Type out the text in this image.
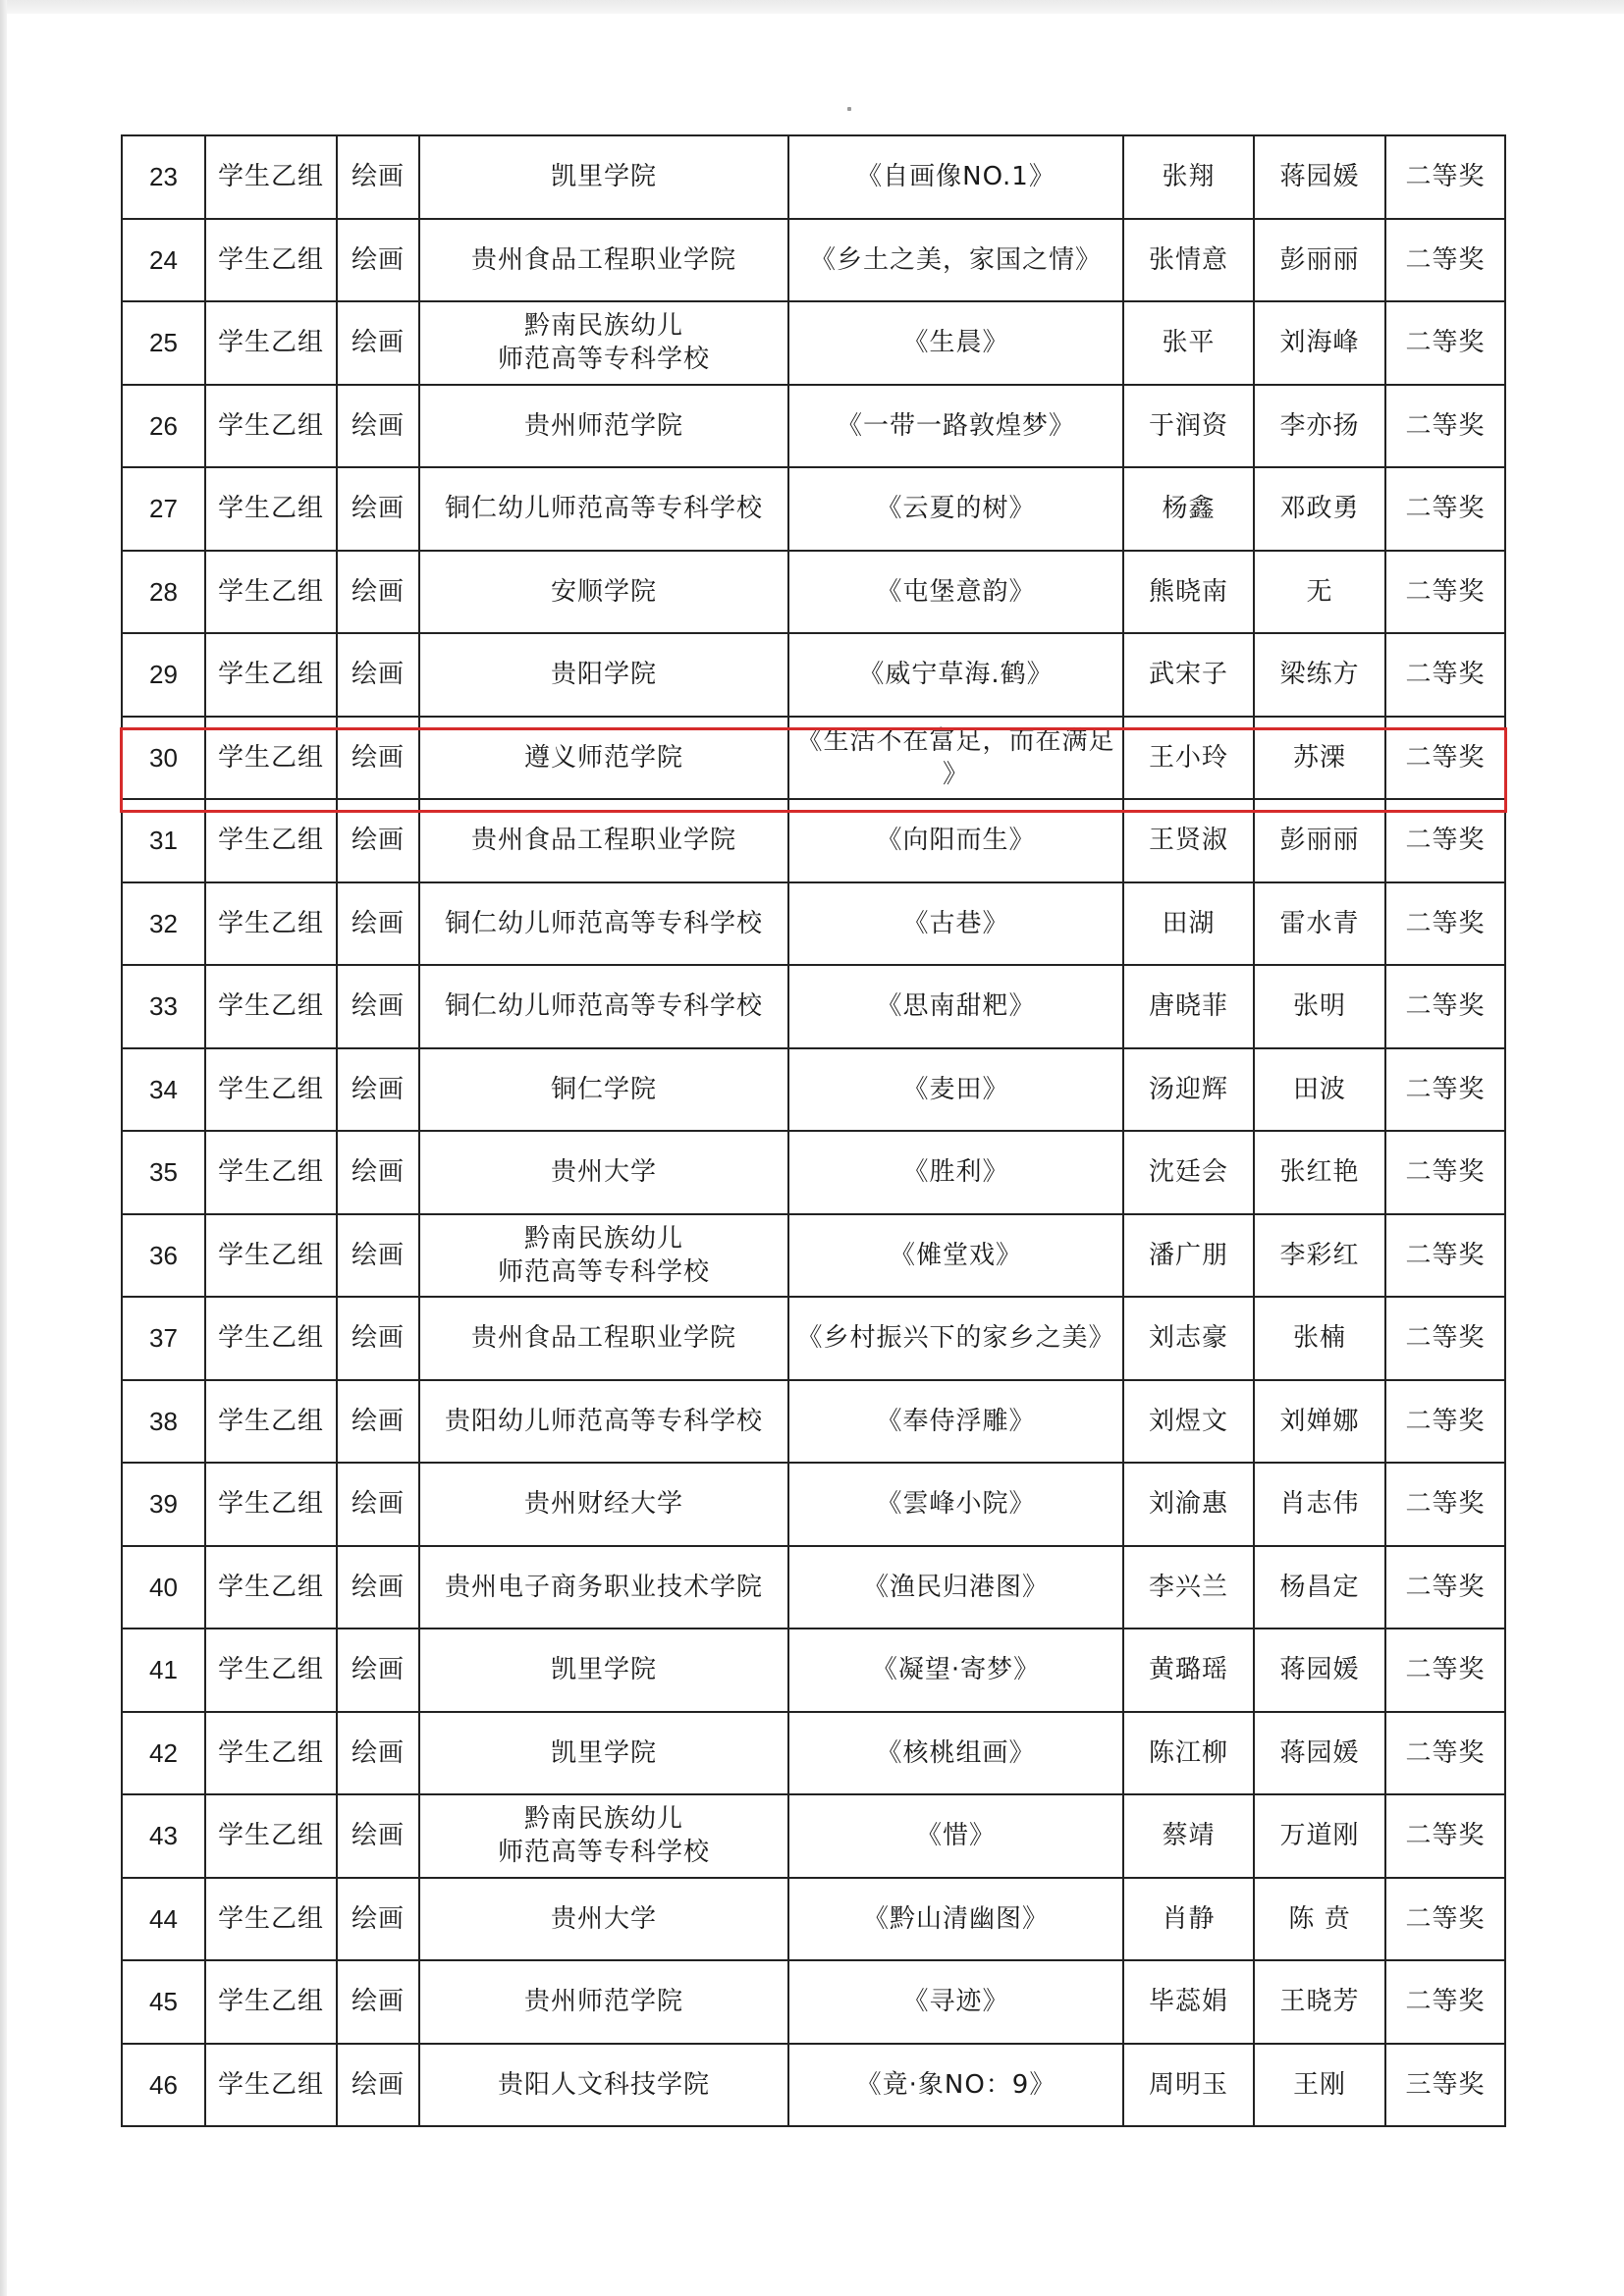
23	学生乙组	绘画	凯里学院	《自画像NO.1》	张翔	蒋园媛	二等奖
24	学生乙组	绘画	贵州食品工程职业学院	《乡土之美，家国之情》	张情意	彭丽丽	二等奖
25	学生乙组	绘画	黔南民族幼儿
师范高等专科学校	《生晨》	张平	刘海峰	二等奖
26	学生乙组	绘画	贵州师范学院	《一带一路敦煌梦》	于润资	李亦扬	二等奖
27	学生乙组	绘画	铜仁幼儿师范高等专科学校	《云夏的树》	杨鑫	邓政勇	二等奖
28	学生乙组	绘画	安顺学院	《屯堡意韵》	熊晓南	无	二等奖
29	学生乙组	绘画	贵阳学院	《威宁草海.鹤》	武宋子	梁练方	二等奖
30	学生乙组	绘画	遵义师范学院	《生活不在富足，而在满足
》	王小玲	苏溧	二等奖
31	学生乙组	绘画	贵州食品工程职业学院	《向阳而生》	王贤淑	彭丽丽	二等奖
32	学生乙组	绘画	铜仁幼儿师范高等专科学校	《古巷》	田湖	雷水青	二等奖
33	学生乙组	绘画	铜仁幼儿师范高等专科学校	《思南甜粑》	唐晓菲	张明	二等奖
34	学生乙组	绘画	铜仁学院	《麦田》	汤迎辉	田波	二等奖
35	学生乙组	绘画	贵州大学	《胜利》	沈廷会	张红艳	二等奖
36	学生乙组	绘画	黔南民族幼儿
师范高等专科学校	《傩堂戏》	潘广朋	李彩红	二等奖
37	学生乙组	绘画	贵州食品工程职业学院	《乡村振兴下的家乡之美》	刘志豪	张楠	二等奖
38	学生乙组	绘画	贵阳幼儿师范高等专科学校	《奉侍浮雕》	刘煜文	刘婵娜	二等奖
39	学生乙组	绘画	贵州财经大学	《雲峰小院》	刘渝惠	肖志伟	二等奖
40	学生乙组	绘画	贵州电子商务职业技术学院	《渔民归港图》	李兴兰	杨昌定	二等奖
41	学生乙组	绘画	凯里学院	《凝望·寄梦》	黄璐瑶	蒋园媛	二等奖
42	学生乙组	绘画	凯里学院	《核桃组画》	陈江柳	蒋园媛	二等奖
43	学生乙组	绘画	黔南民族幼儿
师范高等专科学校	《惜》	蔡靖	万道刚	二等奖
44	学生乙组	绘画	贵州大学	《黔山清幽图》	肖静	陈 贲	二等奖
45	学生乙组	绘画	贵州师范学院	《寻迹》	毕蕊娟	王晓芳	二等奖
46	学生乙组	绘画	贵阳人文科技学院	《竟·象NO：9》	周明玉	王刚	三等奖
